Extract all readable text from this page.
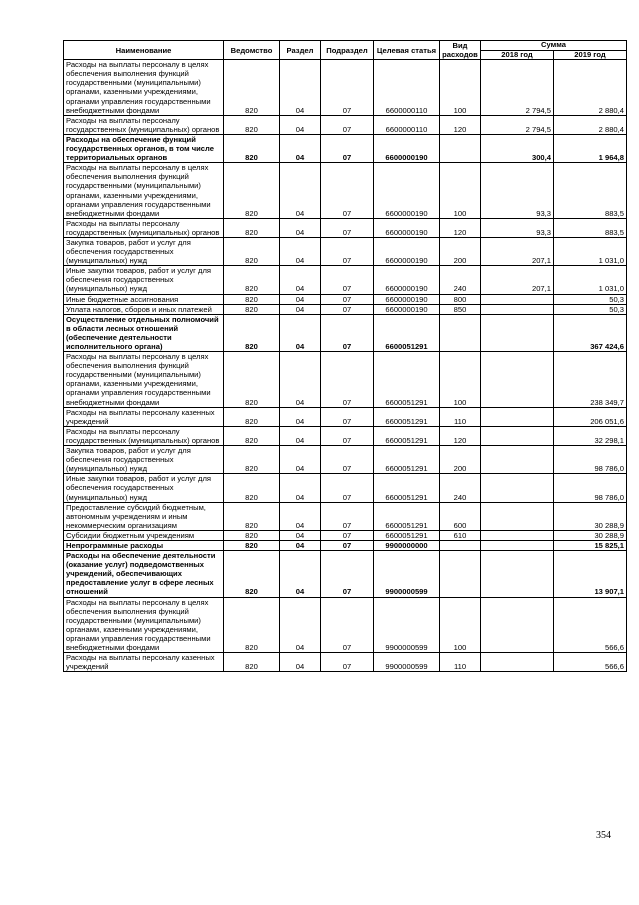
Наименование	Ведомство	Раздел	Подраздел	Целевая статья	Вид расходов	Сумма	
						2018 год	2019 год
Расходы на выплаты персоналу в целях обеспечения выполнения функций государственными (муниципальными) органами, казенными учреждениями, органами управления государственными внебюджетными фондами	820	04	07	6600000110	100	2 794,5	2 880,4
Расходы на выплаты персоналу государственных (муниципальных) органов	820	04	07	6600000110	120	2 794,5	2 880,4
Расходы на обеспечение функций государственных органов, в том числе территориальных органов	820	04	07	6600000190		300,4	1 964,8
Расходы на выплаты персоналу в целях обеспечения выполнения функций государственными (муниципальными) органами, казенными учреждениями, органами управления государственными внебюджетными фондами	820	04	07	6600000190	100	93,3	883,5
Расходы на выплаты персоналу государственных (муниципальных) органов	820	04	07	6600000190	120	93,3	883,5
Закупка товаров, работ и услуг для обеспечения государственных (муниципальных) нужд	820	04	07	6600000190	200	207,1	1 031,0
Иные закупки товаров, работ и услуг для обеспечения государственных (муниципальных) нужд	820	04	07	6600000190	240	207,1	1 031,0
Иные бюджетные ассигнования	820	04	07	6600000190	800		50,3
Уплата налогов, сборов и иных платежей	820	04	07	6600000190	850		50,3
Осуществление отдельных полномочий в области лесных отношений (обеспечение деятельности исполнительного органа)	820	04	07	6600051291			367 424,6
Расходы на выплаты персоналу в целях обеспечения выполнения функций государственными (муниципальными) органами, казенными учреждениями, органами управления государственными внебюджетными фондами	820	04	07	6600051291	100		238 349,7
Расходы на выплаты персоналу казенных учреждений	820	04	07	6600051291	110		206 051,6
Расходы на выплаты персоналу государственных (муниципальных) органов	820	04	07	6600051291	120		32 298,1
Закупка товаров, работ и услуг для обеспечения государственных (муниципальных) нужд	820	04	07	6600051291	200		98 786,0
Иные закупки товаров, работ и услуг для обеспечения государственных (муниципальных) нужд	820	04	07	6600051291	240		98 786,0
Предоставление субсидий бюджетным, автономным учреждениям и иным некоммерческим организациям	820	04	07	6600051291	600		30 288,9
Субсидии бюджетным учреждениям	820	04	07	6600051291	610		30 288,9
Непрограммные расходы	820	04	07	9900000000			15 825,1
Расходы на обеспечение деятельности (оказание услуг) подведомственных учреждений, обеспечивающих предоставление услуг в сфере лесных отношений	820	04	07	9900000599			13 907,1
Расходы на выплаты персоналу в целях обеспечения выполнения функций государственными (муниципальными) органами, казенными учреждениями, органами управления государственными внебюджетными фондами	820	04	07	9900000599	100		566,6
Расходы на выплаты персоналу казенных учреждений	820	04	07	9900000599	110		566,6
354
